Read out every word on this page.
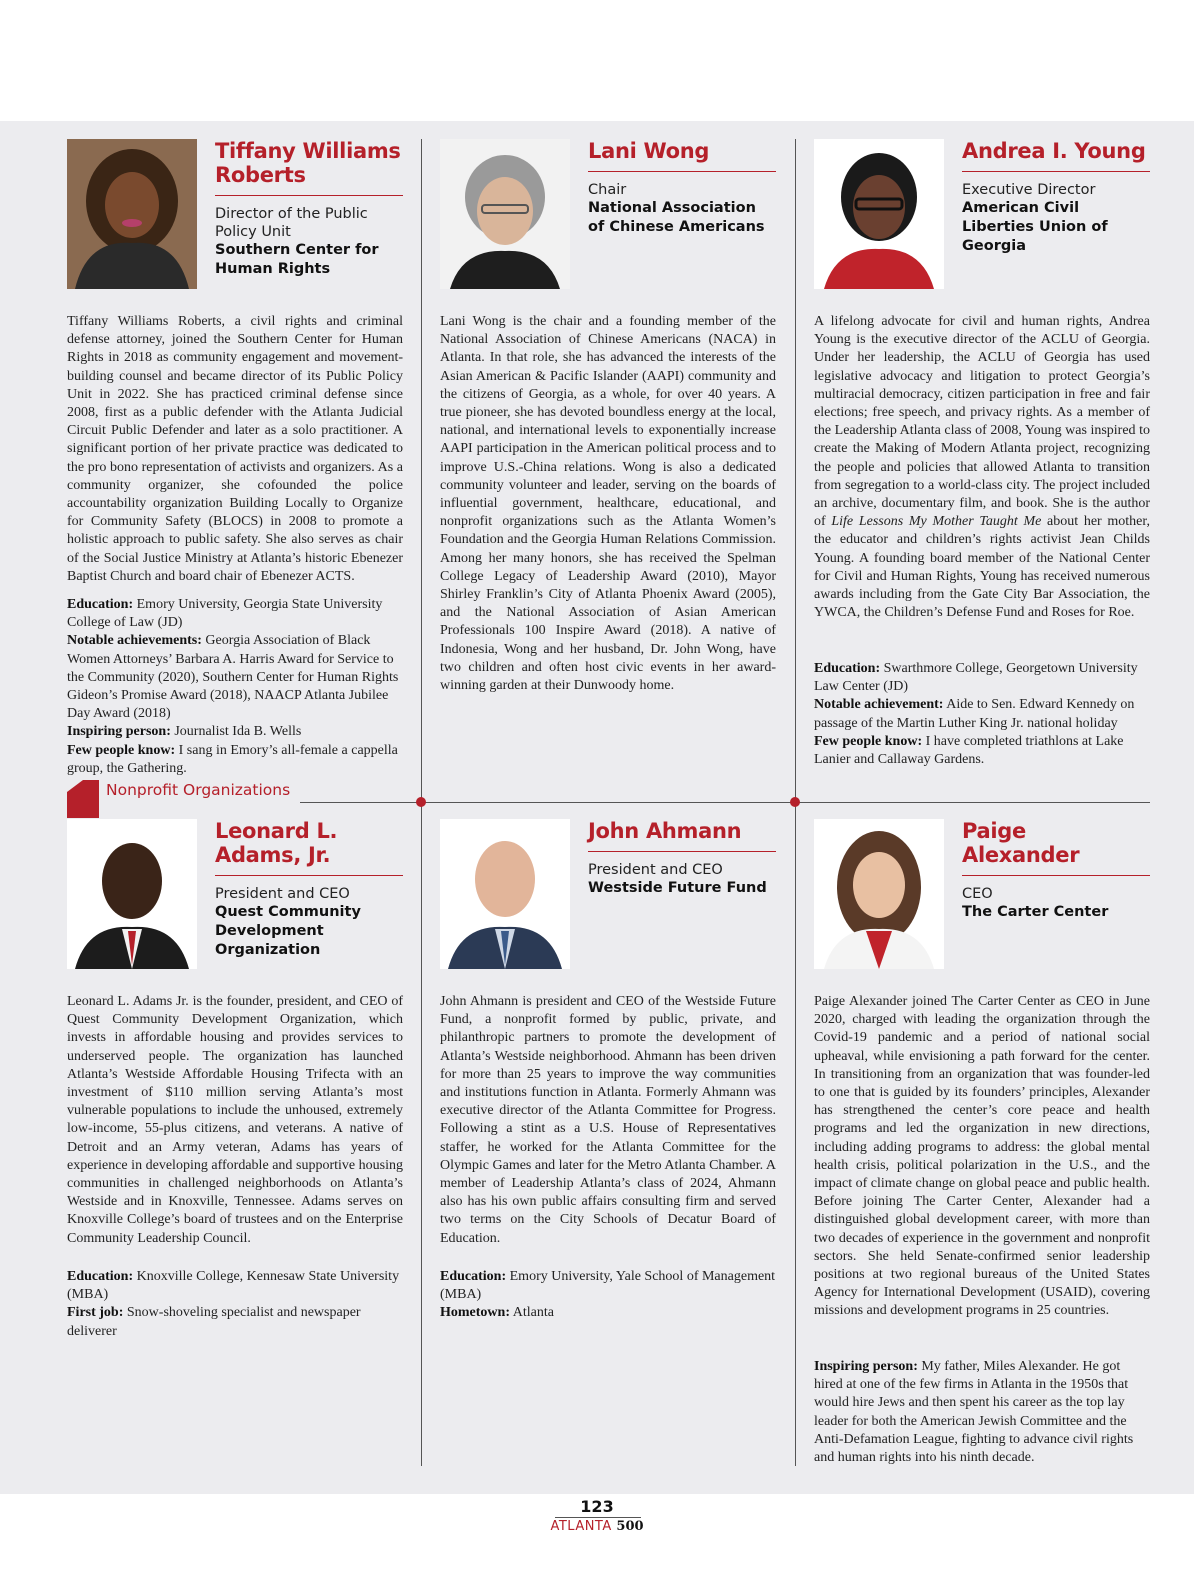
Tiffany Williams Roberts
Director of the Public Policy Unit
Southern Center for Human Rights
Tiffany Williams Roberts, a civil rights and criminal defense attorney, joined the Southern Center for Human Rights in 2018 as community engagement and movement-building counsel and became director of its Public Policy Unit in 2022. She has practiced criminal defense since 2008, first as a public defender with the Atlanta Judicial Circuit Public Defender and later as a solo practitioner. A significant portion of her private practice was dedicated to the pro bono representation of activists and organizers. As a community organizer, she cofounded the police accountability organization Building Locally to Organize for Community Safety (BLOCS) in 2008 to promote a holistic approach to public safety. She also serves as chair of the Social Justice Ministry at Atlanta’s historic Ebenezer Baptist Church and board chair of Ebenezer ACTS.
Education: Emory University, Georgia State University College of Law (JD)
Notable achievements: Georgia Association of Black Women Attorneys’ Barbara A. Harris Award for Service to the Community (2020), Southern Center for Human Rights Gideon’s Promise Award (2018), NAACP Atlanta Jubilee Day Award (2018)
Inspiring person: Journalist Ida B. Wells
Few people know: I sang in Emory’s all-female a cappella group, the Gathering.
Lani Wong
Chair
National Association of Chinese Americans
Lani Wong is the chair and a founding member of the National Association of Chinese Americans (NACA) in Atlanta. In that role, she has advanced the interests of the Asian American & Pacific Islander (AAPI) community and the citizens of Georgia, as a whole, for over 40 years. A true pioneer, she has devoted boundless energy at the local, national, and international levels to exponentially increase AAPI participation in the American political process and to improve U.S.-China relations. Wong is also a dedicated community volunteer and leader, serving on the boards of influential government, healthcare, educational, and nonprofit organizations such as the Atlanta Women’s Foundation and the Georgia Human Relations Commission. Among her many honors, she has received the Spelman College Legacy of Leadership Award (2010), Mayor Shirley Franklin’s City of Atlanta Phoenix Award (2005), and the National Association of Asian American Professionals 100 Inspire Award (2018). A native of Indonesia, Wong and her husband, Dr. John Wong, have two children and often host civic events in her award-winning garden at their Dunwoody home.
Andrea I. Young
Executive Director
American Civil Liberties Union of Georgia
A lifelong advocate for civil and human rights, Andrea Young is the executive director of the ACLU of Georgia. Under her leadership, the ACLU of Georgia has used legislative advocacy and litigation to protect Georgia’s multiracial democracy, citizen participation in free and fair elections; free speech, and privacy rights. As a member of the Leadership Atlanta class of 2008, Young was inspired to create the Making of Modern Atlanta project, recognizing the people and policies that allowed Atlanta to transition from segregation to a world-class city. The project included an archive, documentary film, and book. She is the author of Life Lessons My Mother Taught Me about her mother, the educator and children’s rights activist Jean Childs Young. A founding board member of the National Center for Civil and Human Rights, Young has received numerous awards including from the Gate City Bar Association, the YWCA, the Children’s Defense Fund and Roses for Roe.
Education: Swarthmore College, Georgetown University Law Center (JD)
Notable achievement: Aide to Sen. Edward Kennedy on passage of the Martin Luther King Jr. national holiday
Few people know: I have completed triathlons at Lake Lanier and Callaway Gardens.
Nonprofit Organizations
Leonard L. Adams, Jr.
President and CEO
Quest Community Development Organization
Leonard L. Adams Jr. is the founder, president, and CEO of Quest Community Development Organization, which invests in affordable housing and provides services to underserved people. The organization has launched Atlanta’s Westside Affordable Housing Trifecta with an investment of $110 million serving Atlanta’s most vulnerable populations to include the unhoused, extremely low-income, 55-plus citizens, and veterans. A native of Detroit and an Army veteran, Adams has years of experience in developing affordable and supportive housing communities in challenged neighborhoods on Atlanta’s Westside and in Knoxville, Tennessee. Adams serves on Knoxville College’s board of trustees and on the Enterprise Community Leadership Council.
Education: Knoxville College, Kennesaw State University (MBA)
First job: Snow-shoveling specialist and newspaper deliverer
John Ahmann
President and CEO
Westside Future Fund
John Ahmann is president and CEO of the Westside Future Fund, a nonprofit formed by public, private, and philanthropic partners to promote the development of Atlanta’s Westside neighborhood. Ahmann has been driven for more than 25 years to improve the way communities and institutions function in Atlanta. Formerly Ahmann was executive director of the Atlanta Committee for Progress. Following a stint as a U.S. House of Representatives staffer, he worked for the Atlanta Committee for the Olympic Games and later for the Metro Atlanta Chamber. A member of Leadership Atlanta’s class of 2024, Ahmann also has his own public affairs consulting firm and served two terms on the City Schools of Decatur Board of Education.
Education: Emory University, Yale School of Management (MBA)
Hometown: Atlanta
Paige Alexander
CEO
The Carter Center
Paige Alexander joined The Carter Center as CEO in June 2020, charged with leading the organization through the Covid-19 pandemic and a period of national social upheaval, while envisioning a path forward for the center. In transitioning from an organization that was founder-led to one that is guided by its founders’ principles, Alexander has strengthened the center’s core peace and health programs and led the organization in new directions, including adding programs to address: the global mental health crisis, political polarization in the U.S., and the impact of climate change on global peace and public health. Before joining The Carter Center, Alexander had a distinguished global development career, with more than two decades of experience in the government and nonprofit sectors. She held Senate-confirmed senior leadership positions at two regional bureaus of the United States Agency for International Development (USAID), covering missions and development programs in 25 countries.
Inspiring person: My father, Miles Alexander. He got hired at one of the few firms in Atlanta in the 1950s that would hire Jews and then spent his career as the top lay leader for both the American Jewish Committee and the Anti-Defamation League, fighting to advance civil rights and human rights into his ninth decade.
123
ATLANTA 500
